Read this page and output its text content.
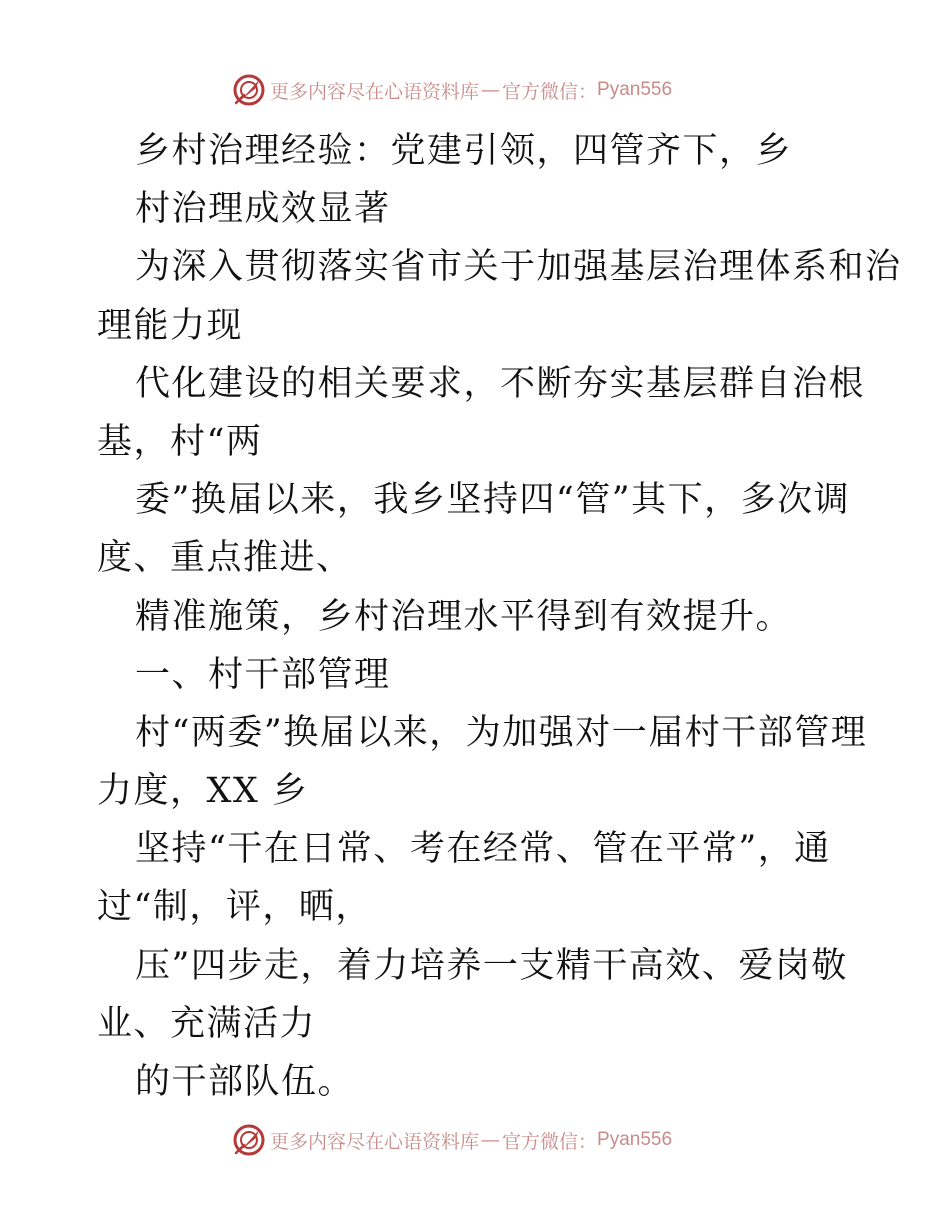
更多内容尽在心语资料库 — 官方微信： Pyan556
乡村治理经验：党建引领，四管齐下，乡
村治理成效显著
为深入贯彻落实省市关于加强基层治理体系和治
理能力现
代化建设的相关要求，不断夯实基层群自治根
基，村“两
委”换届以来，我乡坚持四“管”其下，多次调
度、重点推进、
精准施策，乡村治理水平得到有效提升。
一、村干部管理
村“两委”换届以来，为加强对一届村干部管理
力度，XX 乡
坚持“干在日常、考在经常、管在平常”，通
过“制，评，晒，
压”四步走，着力培养一支精干高效、爱岗敬
业、充满活力
的干部队伍。
更多内容尽在心语资料库 — 官方微信： Pyan556
